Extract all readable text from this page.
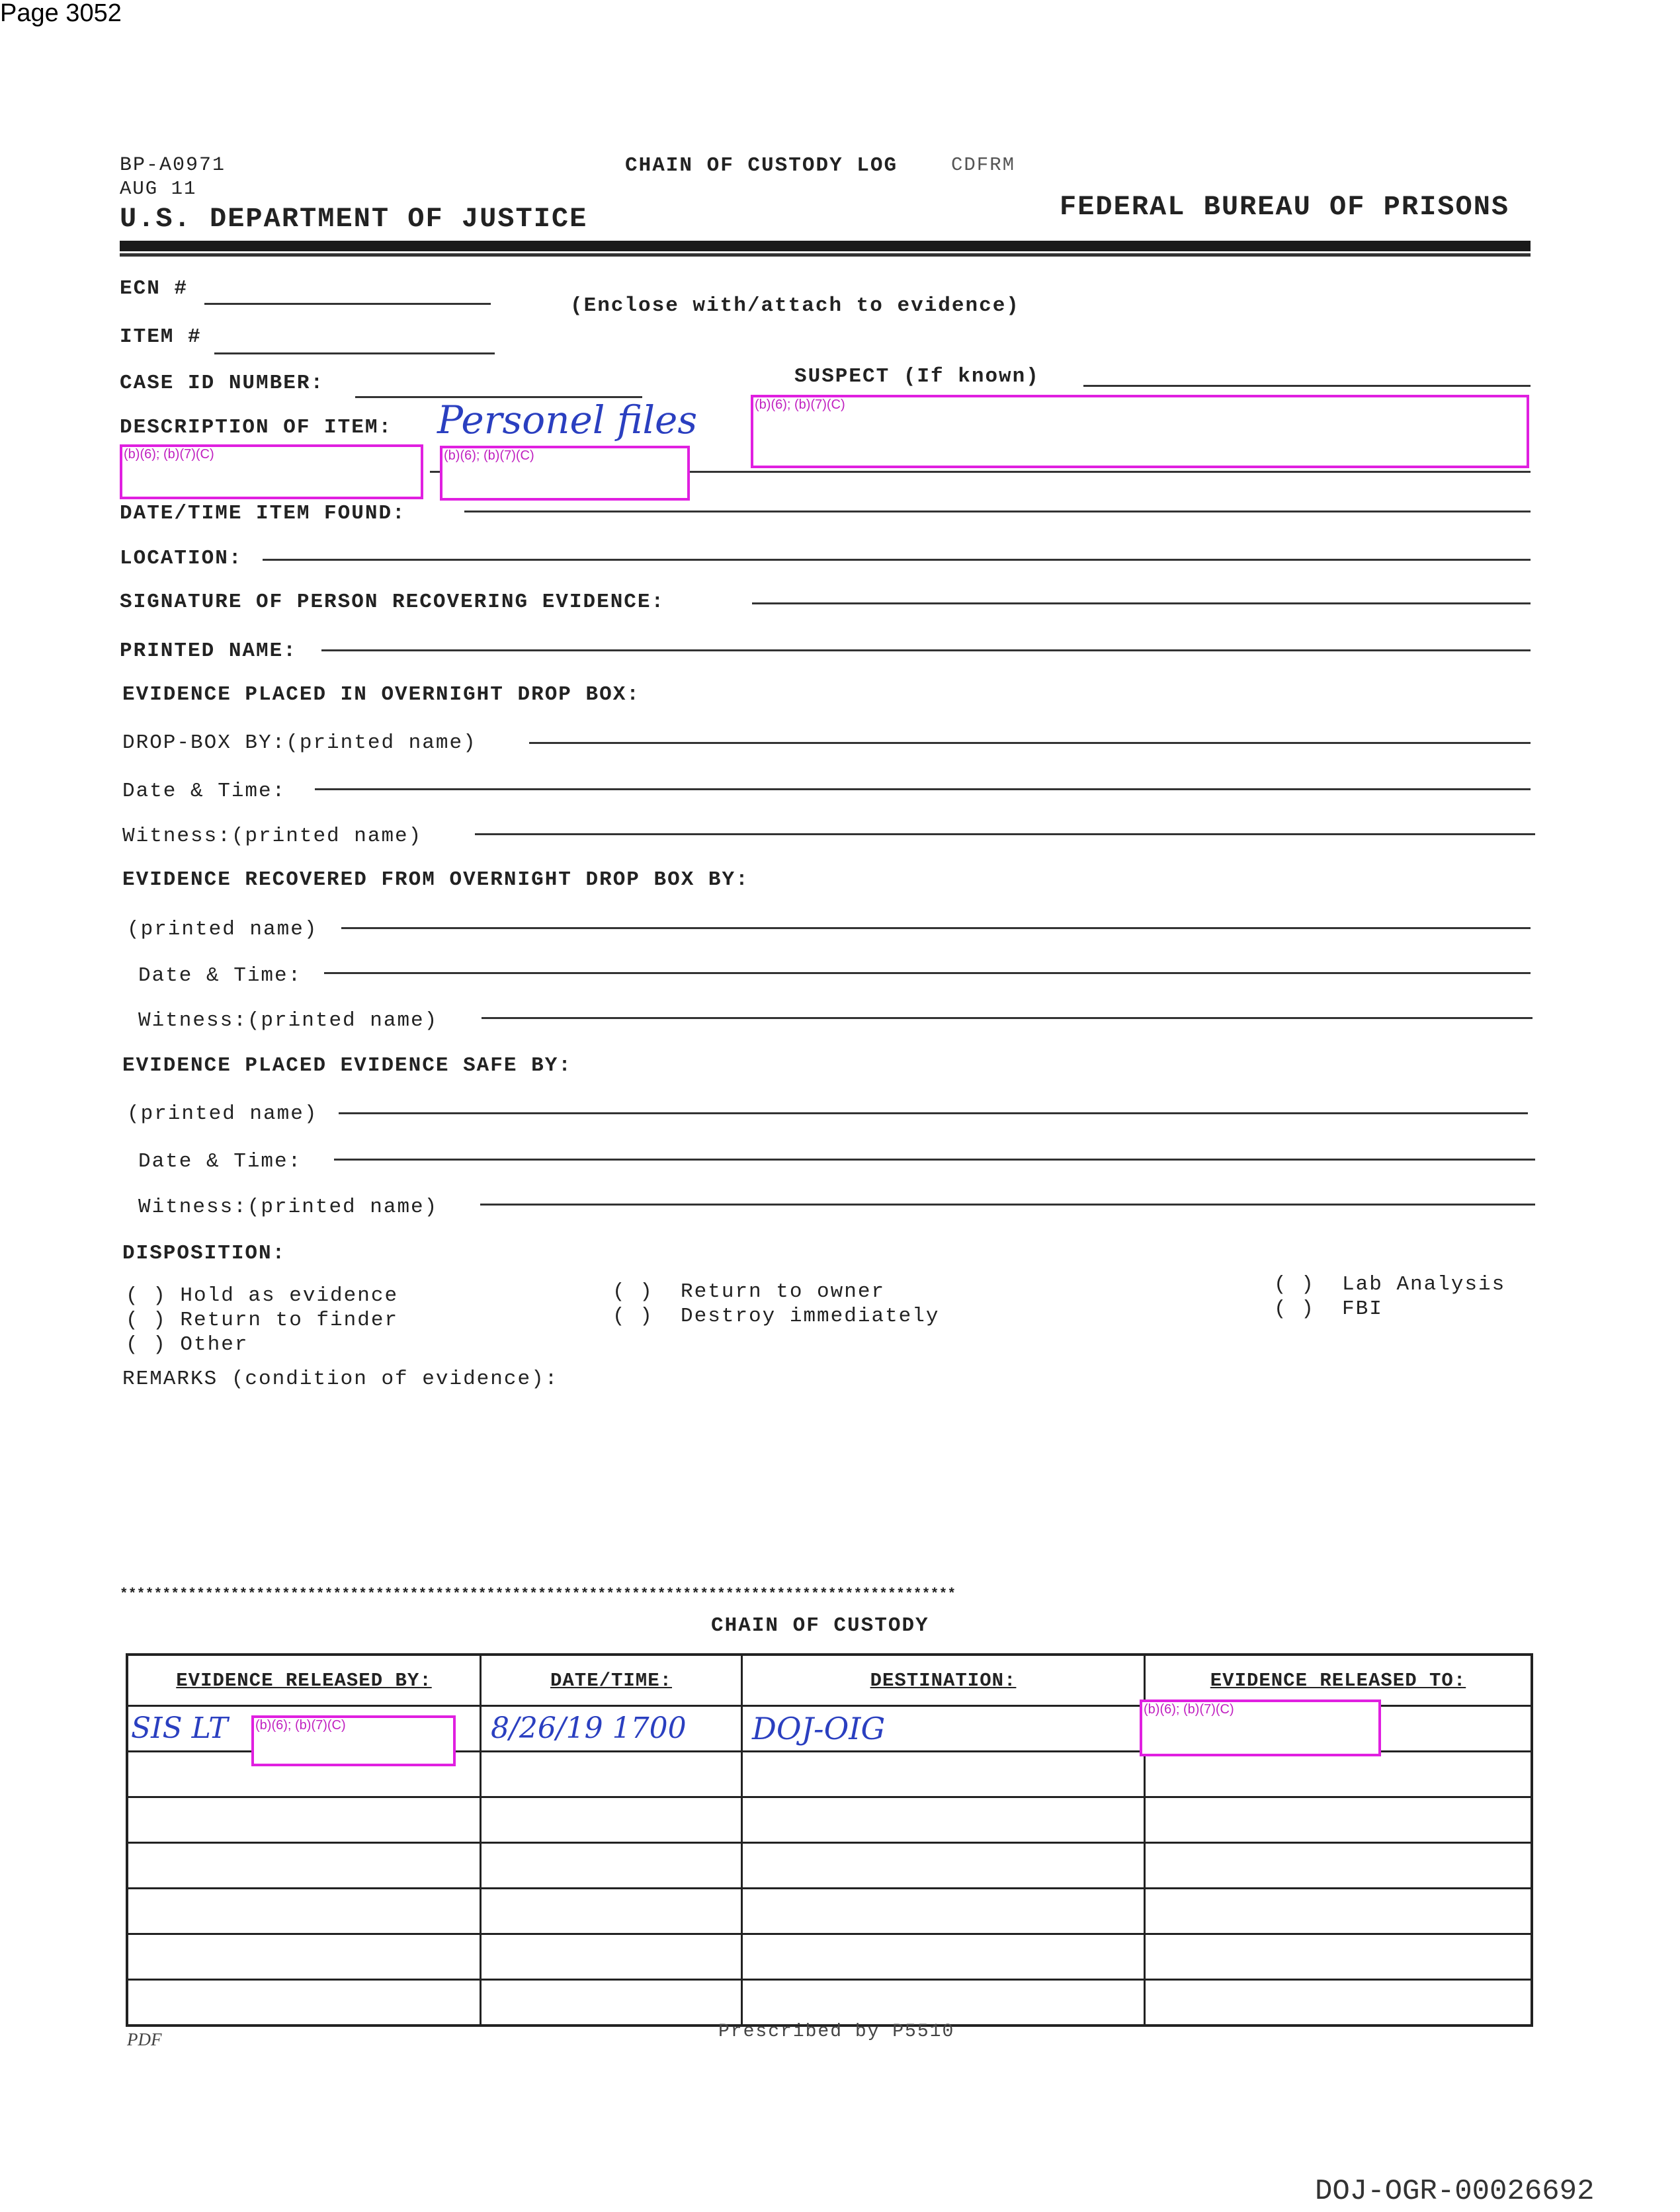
Page 3052
BP-A0971	CHAIN OF CUSTODY LOG	CDFRM
AUG 11
U.S. DEPARTMENT OF JUSTICE	FEDERAL BUREAU OF PRISONS
ECN #
(Enclose with/attach to evidence)
ITEM #
CASE ID NUMBER:	SUSPECT (If known)
DESCRIPTION OF ITEM: Personel files
(b)(6); (b)(7)(C)	(b)(6); (b)(7)(C)
(b)(6); (b)(7)(C)
DATE/TIME ITEM FOUND:
LOCATION:
SIGNATURE OF PERSON RECOVERING EVIDENCE:
PRINTED NAME:
EVIDENCE PLACED IN OVERNIGHT DROP BOX:
DROP-BOX BY:(printed name)
Date & Time:
Witness:(printed name)
EVIDENCE RECOVERED FROM OVERNIGHT DROP BOX BY:
(printed name)
Date & Time:
Witness:(printed name)
EVIDENCE PLACED EVIDENCE SAFE BY:
(printed name)
Date & Time:
Witness:(printed name)
DISPOSITION:
( ) Hold as evidence
( ) Return to finder
( ) Other
( ) Return to owner
( ) Destroy immediately
( ) Lab Analysis
( ) FBI
REMARKS (condition of evidence):
**************************************************************************************************
CHAIN OF CUSTODY
EVIDENCE RELEASED BY:	DATE/TIME:	DESTINATION:	EVIDENCE RELEASED TO:
SIS LT	8/26/19 1700	DOJ-OIG	

(b)(6); (b)(7)(C)
(b)(6); (b)(7)(C)
PDF	Prescribed by P5510
DOJ-OGR-00026692
